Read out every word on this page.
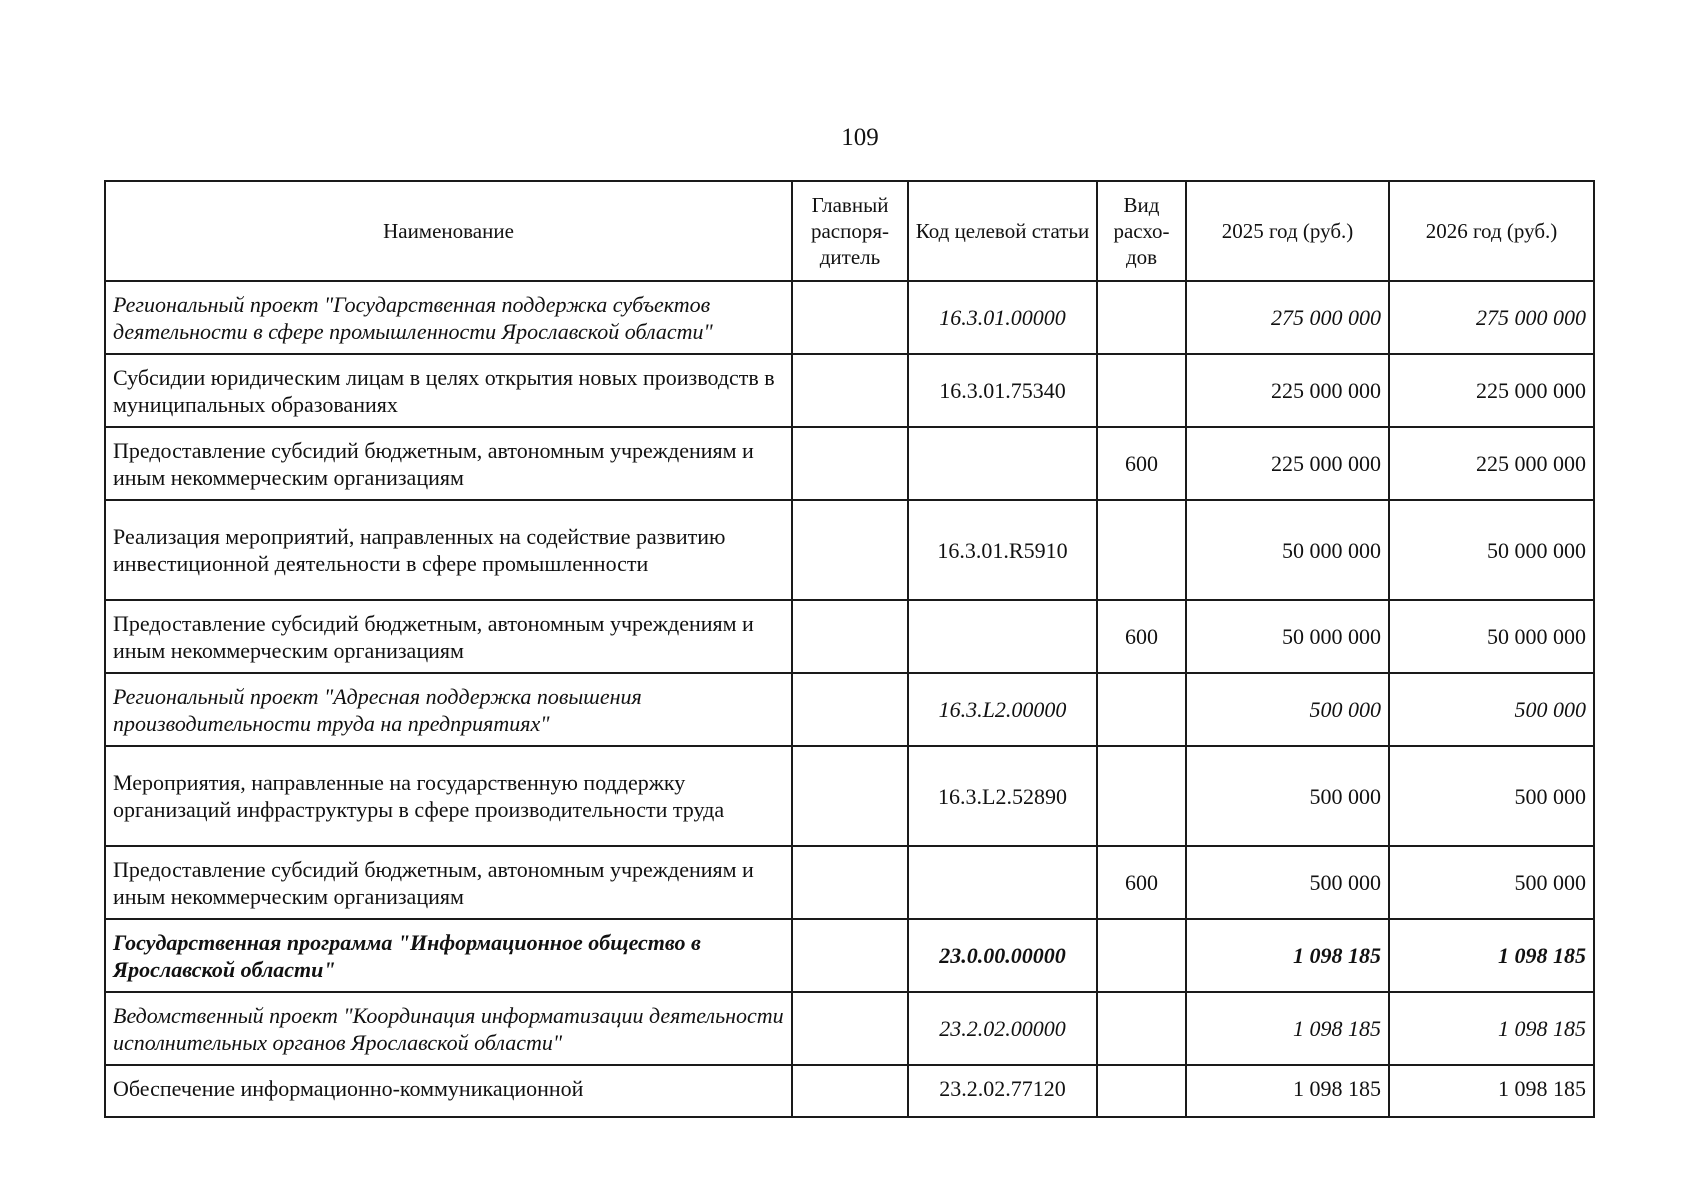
109
Наименование	Главный распоря-дитель	Код целевой статьи	Вид расхо-дов	2025 год (руб.)	2026 год (руб.)
Региональный проект "Государственная поддержка субъектов деятельности в сфере промышленности Ярославской области"		16.3.01.00000		275 000 000	275 000 000
Субсидии юридическим лицам в целях открытия новых производств в муниципальных образованиях		16.3.01.75340		225 000 000	225 000 000
Предоставление субсидий бюджетным, автономным учреждениям и иным некоммерческим организациям			600	225 000 000	225 000 000
Реализация мероприятий, направленных на содействие развитию инвестиционной деятельности в сфере промышленности		16.3.01.R5910		50 000 000	50 000 000
Предоставление субсидий бюджетным, автономным учреждениям и иным некоммерческим организациям			600	50 000 000	50 000 000
Региональный проект "Адресная поддержка повышения производительности труда на предприятиях"		16.3.L2.00000		500 000	500 000
Мероприятия, направленные на государственную поддержку организаций инфраструктуры в сфере производительности труда		16.3.L2.52890		500 000	500 000
Предоставление субсидий бюджетным, автономным учреждениям и иным некоммерческим организациям			600	500 000	500 000
Государственная программа "Информационное общество в Ярославской области"		23.0.00.00000		1 098 185	1 098 185
Ведомственный проект "Координация информатизации деятельности исполнительных органов Ярославской области"		23.2.02.00000		1 098 185	1 098 185
Обеспечение информационно-коммуникационной		23.2.02.77120		1 098 185	1 098 185
